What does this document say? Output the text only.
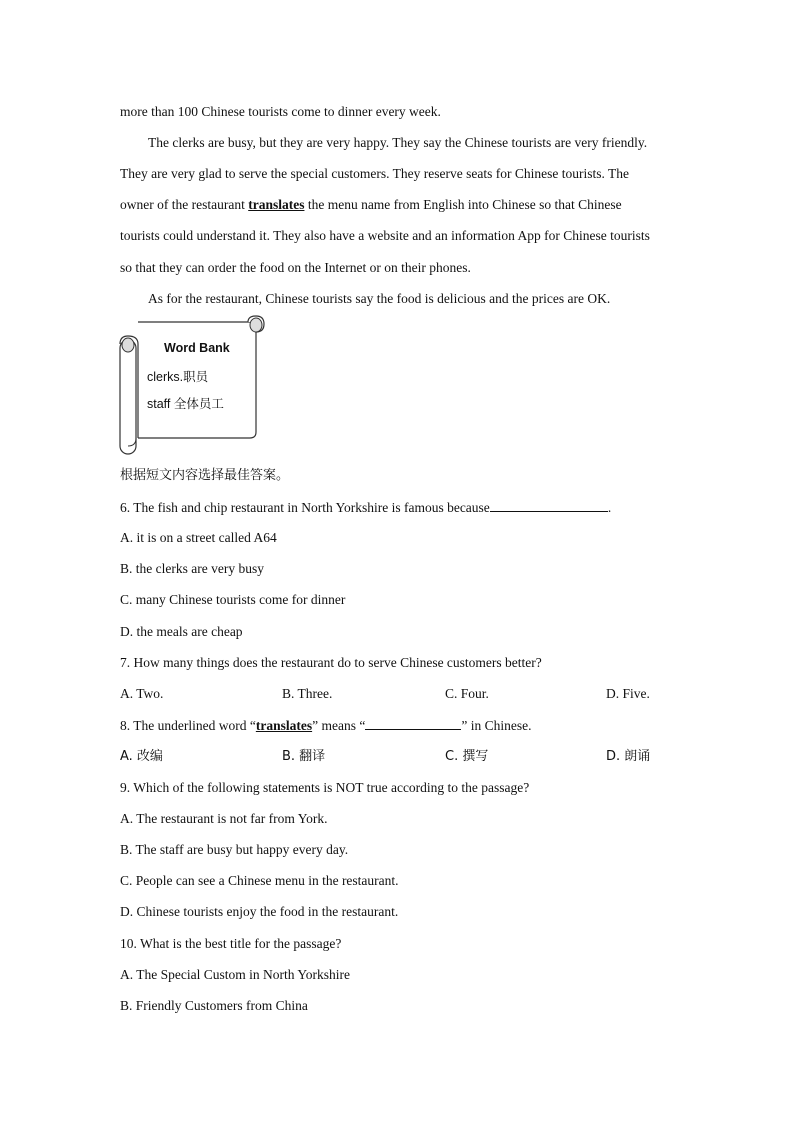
more than 100 Chinese tourists come to dinner every week.
The clerks are busy, but they are very happy. They say the Chinese tourists are very friendly.
They are very glad to serve the special customers. They reserve seats for Chinese tourists. The
owner of the restaurant translates the menu name from English into Chinese so that Chinese
tourists could understand it. They also have a website and an information App for Chinese tourists
so that they can order the food on the Internet or on their phones.
As for the restaurant, Chinese tourists say the food is delicious and the prices are OK.
Word Bank
clerks.职员
staff 全体员工
根据短文内容选择最佳答案。
6. The fish and chip restaurant in North Yorkshire is famous because	.
A. it is on a street called A64
B. the clerks are very busy
C. many Chinese tourists come for dinner
D. the meals are cheap
7. How many things does the restaurant do to serve Chinese customers better?
A. Two.	B. Three.	C. Four.	D. Five.
8. The underlined word “translates” means “	” in Chinese.
A. 改编	B. 翻译	C. 撰写	D. 朗诵
9. Which of the following statements is NOT true according to the passage?
A. The restaurant is not far from York.
B. The staff are busy but happy every day.
C. People can see a Chinese menu in the restaurant.
D. Chinese tourists enjoy the food in the restaurant.
10. What is the best title for the passage?
A. The Special Custom in North Yorkshire
B. Friendly Customers from China
